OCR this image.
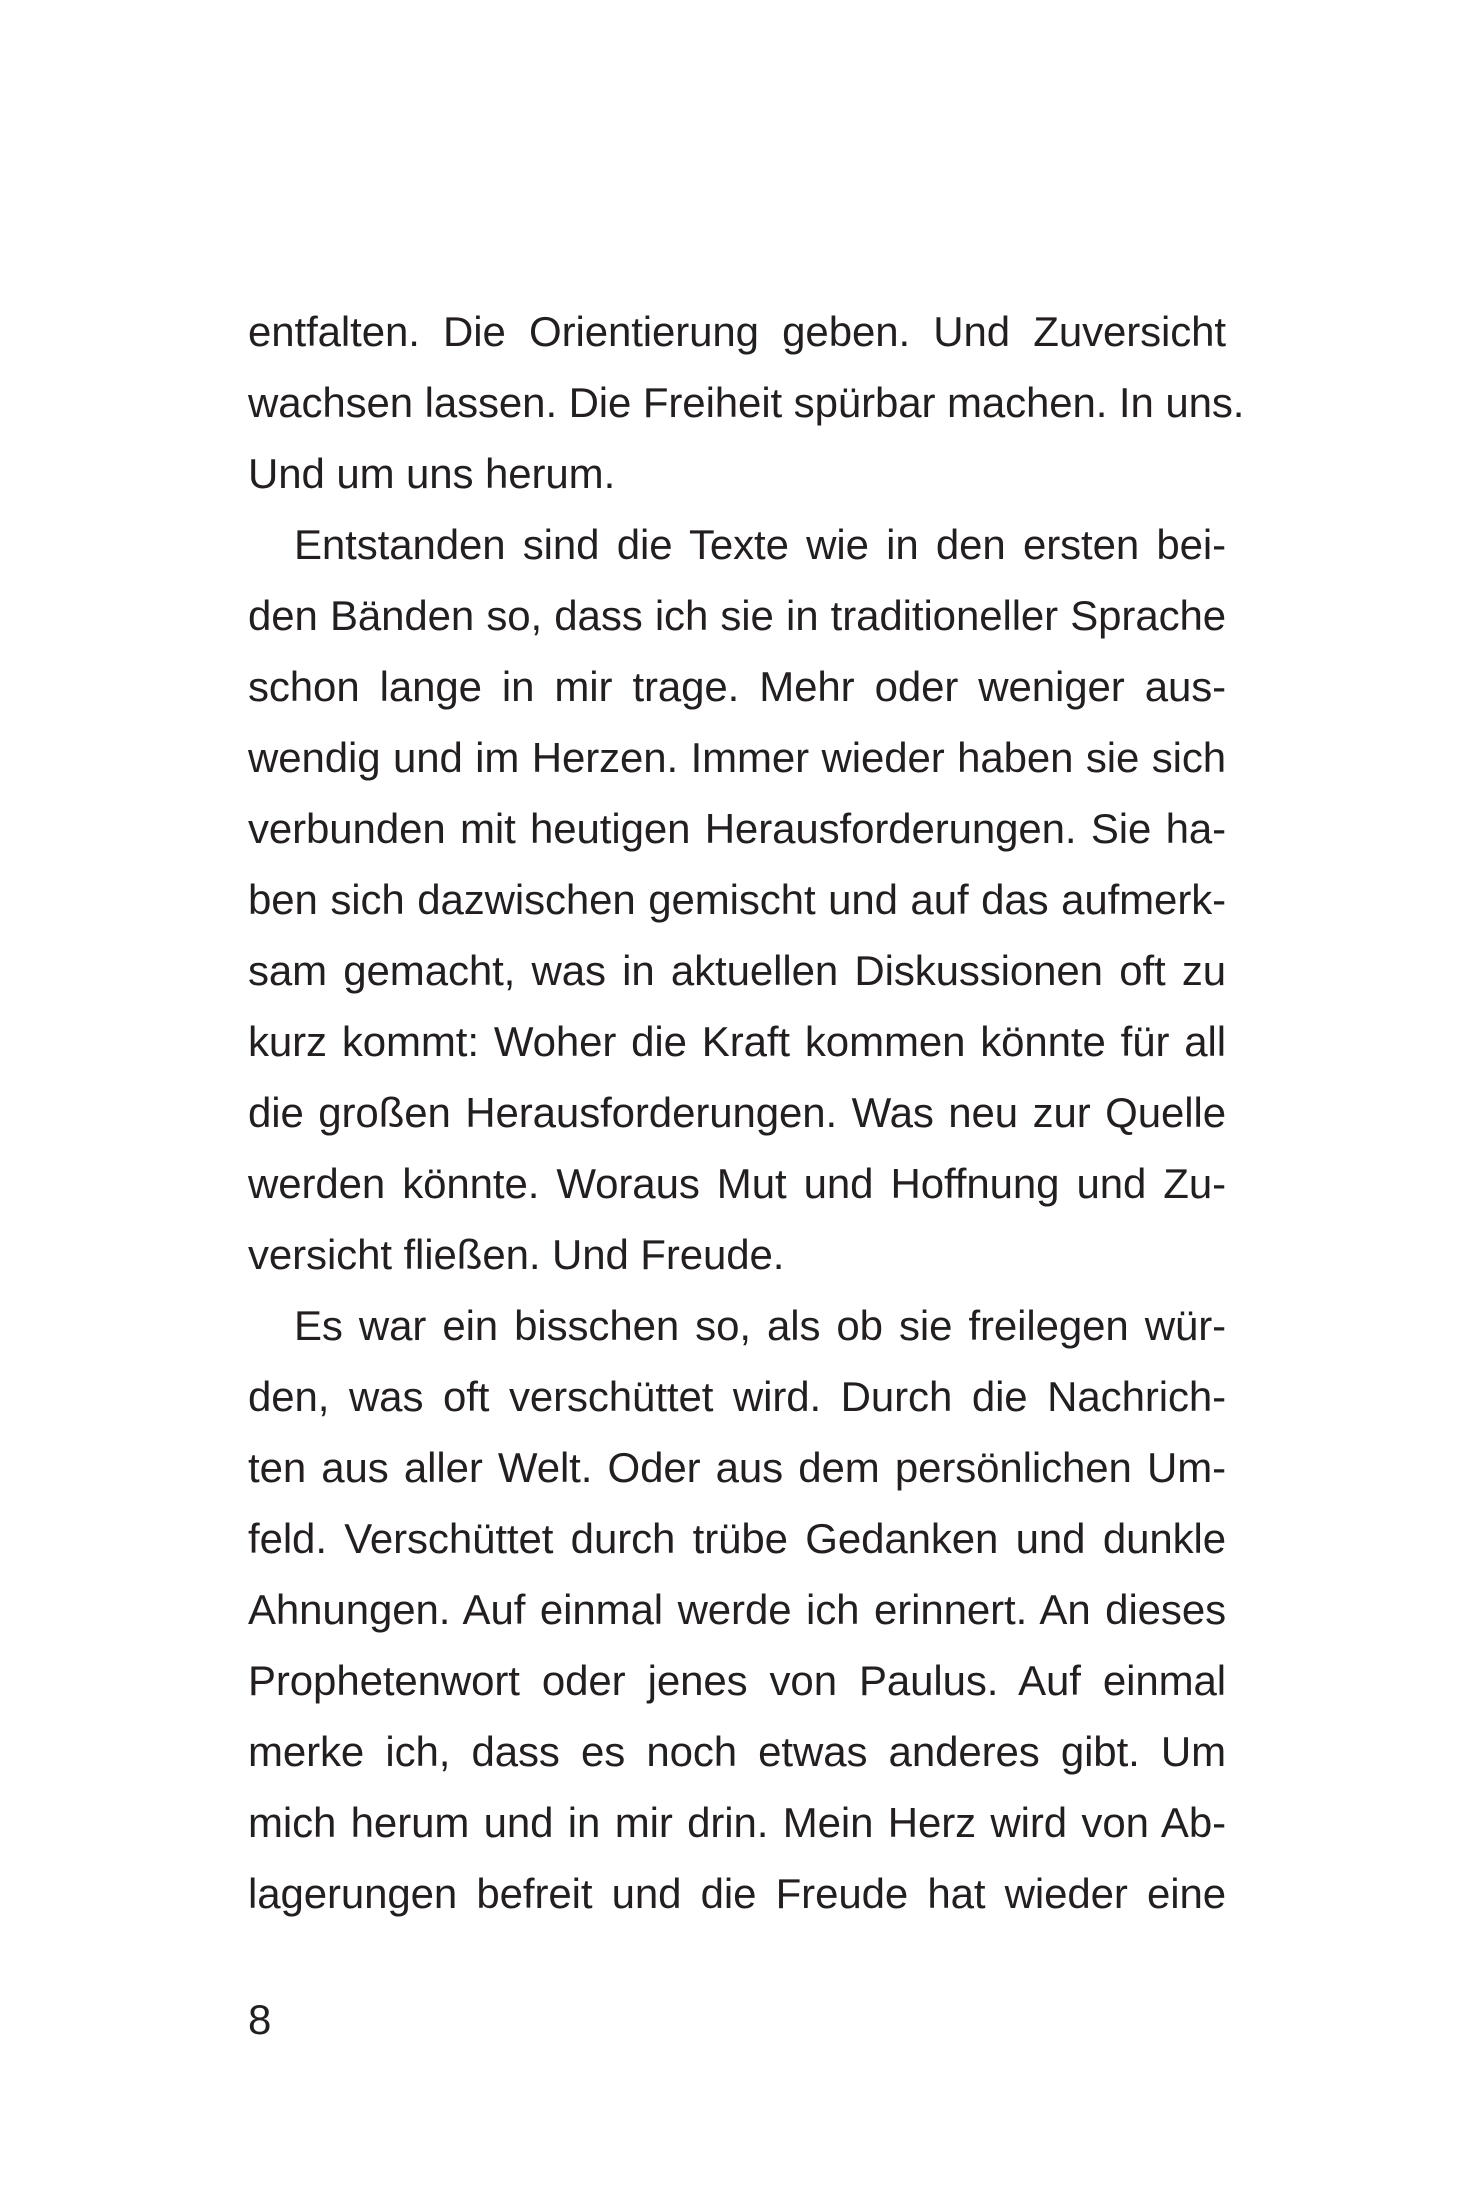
entfalten. Die Orientierung geben. Und Zuversicht
wachsen lassen. Die Freiheit spürbar machen. In uns.
Und um uns herum.
Entstanden sind die Texte wie in den ersten bei-
den Bänden so, dass ich sie in traditioneller Sprache
schon lange in mir trage. Mehr oder weniger aus-
wendig und im Herzen. Immer wieder haben sie sich
verbunden mit heutigen Herausforderungen. Sie ha-
ben sich dazwischen gemischt und auf das aufmerk-
sam gemacht, was in aktuellen Diskussionen oft zu
kurz kommt: Woher die Kraft kommen könnte für all
die großen Herausforderungen. Was neu zur Quelle
werden könnte. Woraus Mut und Hoffnung und Zu-
versicht fließen. Und Freude.
Es war ein bisschen so, als ob sie freilegen wür-
den, was oft verschüttet wird. Durch die Nachrich-
ten aus aller Welt. Oder aus dem persönlichen Um-
feld. Verschüttet durch trübe Gedanken und dunkle
Ahnungen. Auf einmal werde ich erinnert. An dieses
Prophetenwort oder jenes von Paulus. Auf einmal
merke ich, dass es noch etwas anderes gibt. Um
mich herum und in mir drin. Mein Herz wird von Ab-
lagerungen befreit und die Freude hat wieder eine
8
